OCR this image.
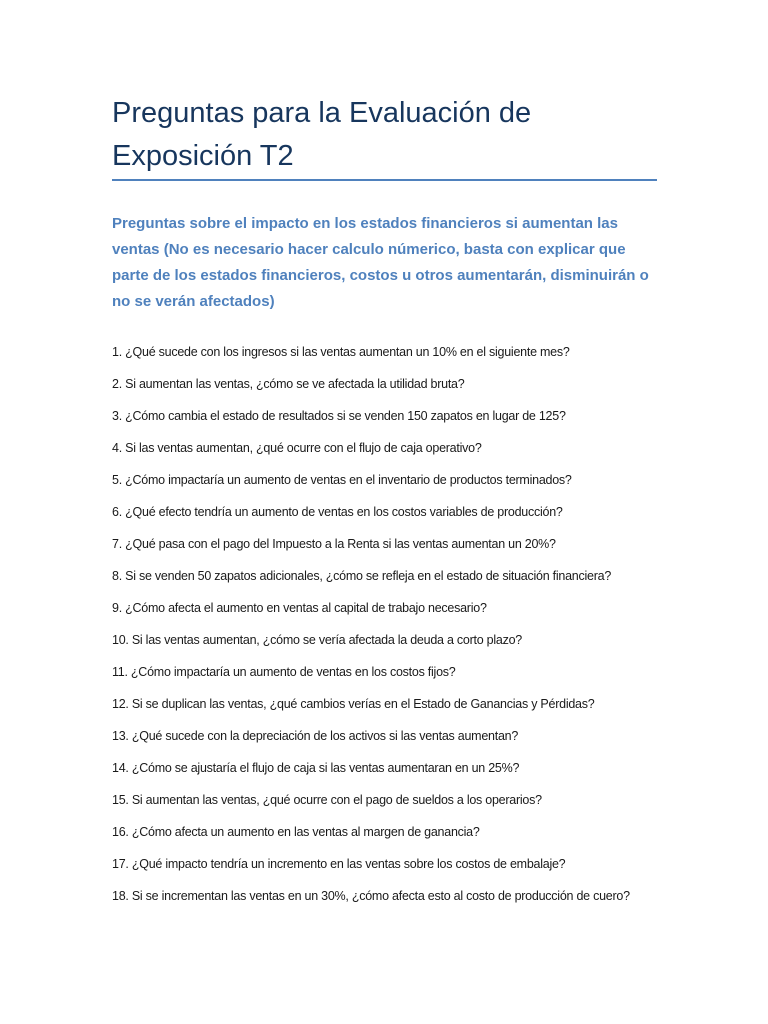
Preguntas para la Evaluación de Exposición T2

Preguntas sobre el impacto en los estados financieros si aumentan las ventas (No es necesario hacer calculo númerico, basta con explicar que parte de los estados financieros, costos u otros aumentarán, disminuirán o no se verán afectados)

1. ¿Qué sucede con los ingresos si las ventas aumentan un 10% en el siguiente mes?
2. Si aumentan las ventas, ¿cómo se ve afectada la utilidad bruta?
3. ¿Cómo cambia el estado de resultados si se venden 150 zapatos en lugar de 125?
4. Si las ventas aumentan, ¿qué ocurre con el flujo de caja operativo?
5. ¿Cómo impactaría un aumento de ventas en el inventario de productos terminados?
6. ¿Qué efecto tendría un aumento de ventas en los costos variables de producción?
7. ¿Qué pasa con el pago del Impuesto a la Renta si las ventas aumentan un 20%?
8. Si se venden 50 zapatos adicionales, ¿cómo se refleja en el estado de situación financiera?
9. ¿Cómo afecta el aumento en ventas al capital de trabajo necesario?
10. Si las ventas aumentan, ¿cómo se vería afectada la deuda a corto plazo?
11. ¿Cómo impactaría un aumento de ventas en los costos fijos?
12. Si se duplican las ventas, ¿qué cambios verías en el Estado de Ganancias y Pérdidas?
13. ¿Qué sucede con la depreciación de los activos si las ventas aumentan?
14. ¿Cómo se ajustaría el flujo de caja si las ventas aumentaran en un 25%?
15. Si aumentan las ventas, ¿qué ocurre con el pago de sueldos a los operarios?
16. ¿Cómo afecta un aumento en las ventas al margen de ganancia?
17. ¿Qué impacto tendría un incremento en las ventas sobre los costos de embalaje?
18. Si se incrementan las ventas en un 30%, ¿cómo afecta esto al costo de producción de cuero?
